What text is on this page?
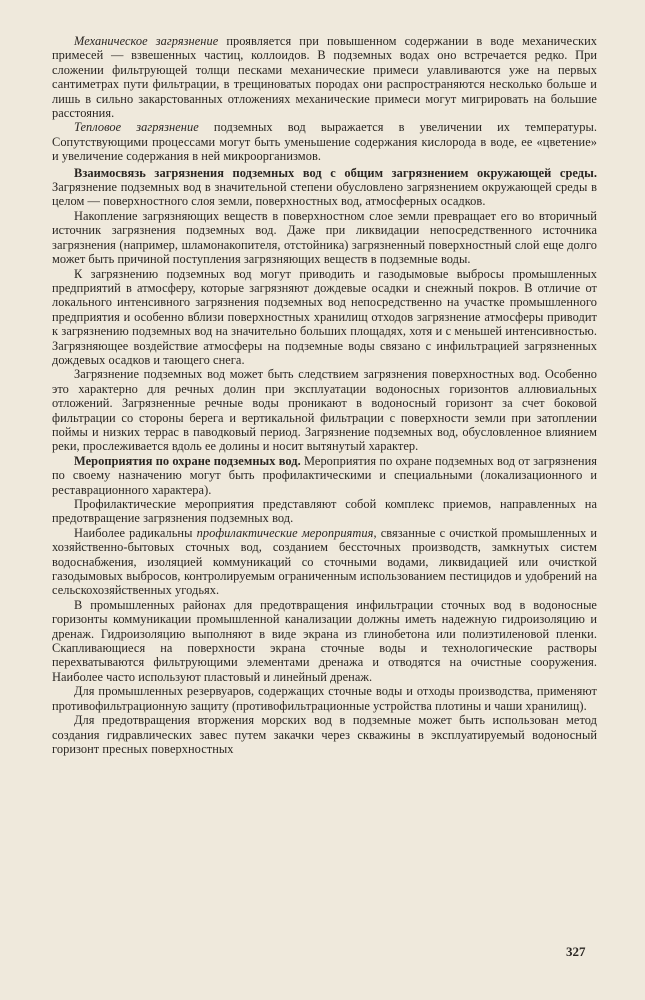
Механическое загрязнение проявляется при повышенном содержании в воде механических примесей — взвешенных частиц, коллоидов. В подземных водах оно встречается редко. При сложении фильтрующей толщи песками механические примеси улавливаются уже на первых сантиметрах пути фильтрации, в трещиноватых породах они распространяются несколько больше и лишь в сильно закарстованных отложениях механические примеси могут мигрировать на большие расстояния.

Тепловое загрязнение подземных вод выражается в увеличении их температуры. Сопутствующими процессами могут быть уменьшение содержания кислорода в воде, ее «цветение» и увеличение содержания в ней микроорганизмов.

Взаимосвязь загрязнения подземных вод с общим загрязнением окружающей среды. Загрязнение подземных вод в значительной степени обусловлено загрязнением окружающей среды в целом — поверхностного слоя земли, поверхностных вод, атмосферных осадков.

Накопление загрязняющих веществ в поверхностном слое земли превращает его во вторичный источник загрязнения подземных вод. Даже при ликвидации непосредственного источника загрязнения (например, шламонакопителя, отстойника) загрязненный поверхностный слой еще долго может быть причиной поступления загрязняющих веществ в подземные воды.

К загрязнению подземных вод могут приводить и газодымовые выбросы промышленных предприятий в атмосферу, которые загрязняют дождевые осадки и снежный покров. В отличие от локального интенсивного загрязнения подземных вод непосредственно на участке промышленного предприятия и особенно вблизи поверхностных хранилищ отходов загрязнение атмосферы приводит к загрязнению подземных вод на значительно больших площадях, хотя и с меньшей интенсивностью. Загрязняющее воздействие атмосферы на подземные воды связано с инфильтрацией загрязненных дождевых осадков и тающего снега.

Загрязнение подземных вод может быть следствием загрязнения поверхностных вод. Особенно это характерно для речных долин при эксплуатации водоносных горизонтов аллювиальных отложений. Загрязненные речные воды проникают в водоносный горизонт за счет боковой фильтрации со стороны берега и вертикальной фильтрации с поверхности земли при затоплении поймы и низких террас в паводковый период. Загрязнение подземных вод, обусловленное влиянием реки, прослеживается вдоль ее долины и носит вытянутый характер.

Мероприятия по охране подземных вод. Мероприятия по охране подземных вод от загрязнения по своему назначению могут быть профилактическими и специальными (локализационного и реставрационного характера).

Профилактические мероприятия представляют собой комплекс приемов, направленных на предотвращение загрязнения подземных вод.

Наиболее радикальны профилактические мероприятия, связанные с очисткой промышленных и хозяйственно-бытовых сточных вод, созданием бессточных производств, замкнутых систем водоснабжения, изоляцией коммуникаций со сточными водами, ликвидацией или очисткой газодымовых выбросов, контролируемым ограниченным использованием пестицидов и удобрений на сельскохозяйственных угодьях.

В промышленных районах для предотвращения инфильтрации сточных вод в водоносные горизонты коммуникации промышленной канализации должны иметь надежную гидроизоляцию и дренаж. Гидроизоляцию выполняют в виде экрана из глинобетона или полиэтиленовой пленки. Скапливающиеся на поверхности экрана сточные воды и технологические растворы перехватываются фильтрующими элементами дренажа и отводятся на очистные сооружения. Наиболее часто используют пластовый и линейный дренаж.

Для промышленных резервуаров, содержащих сточные воды и отходы производства, применяют противофильтрационную защиту (противофильтрационные устройства плотины и чаши хранилищ).

Для предотвращения вторжения морских вод в подземные может быть использован метод создания гидравлических завес путем закачки через скважины в эксплуатируемый водоносный горизонт пресных поверхностных

327
